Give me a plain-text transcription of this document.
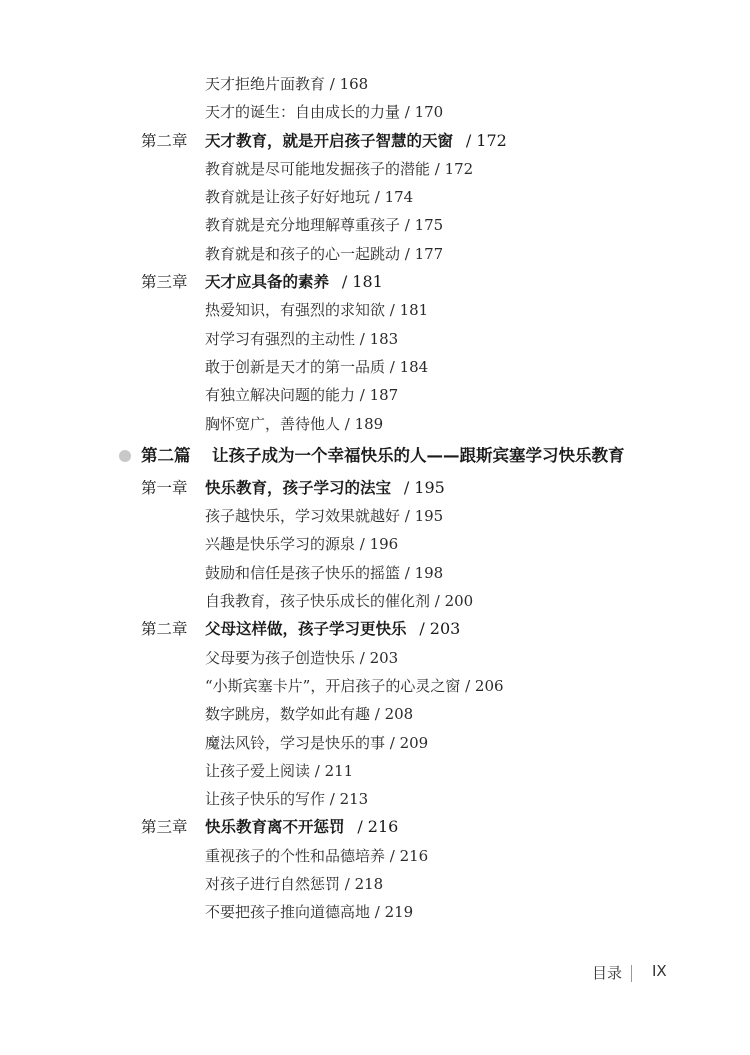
天才拒绝片面教育 / 168
天才的诞生：自由成长的力量 / 170
第二章 天才教育，就是开启孩子智慧的天窗 / 172
教育就是尽可能地发掘孩子的潜能 / 172
教育就是让孩子好好地玩 / 174
教育就是充分地理解尊重孩子 / 175
教育就是和孩子的心一起跳动 / 177
第三章 天才应具备的素养 / 181
热爱知识，有强烈的求知欲 / 181
对学习有强烈的主动性 / 183
敢于创新是天才的第一品质 / 184
有独立解决问题的能力 / 187
胸怀宽广，善待他人 / 189
第二篇 让孩子成为一个幸福快乐的人——跟斯宾塞学习快乐教育
第一章 快乐教育，孩子学习的法宝 / 195
孩子越快乐，学习效果就越好 / 195
兴趣是快乐学习的源泉 / 196
鼓励和信任是孩子快乐的摇篮 / 198
自我教育，孩子快乐成长的催化剂 / 200
第二章 父母这样做，孩子学习更快乐 / 203
父母要为孩子创造快乐 / 203
“小斯宾塞卡片”，开启孩子的心灵之窗 / 206
数字跳房，数学如此有趣 / 208
魔法风铃，学习是快乐的事 / 209
让孩子爱上阅读 / 211
让孩子快乐的写作 / 213
第三章 快乐教育离不开惩罚 / 216
重视孩子的个性和品德培养 / 216
对孩子进行自然惩罚 / 218
不要把孩子推向道德高地 / 219
目录 IX
